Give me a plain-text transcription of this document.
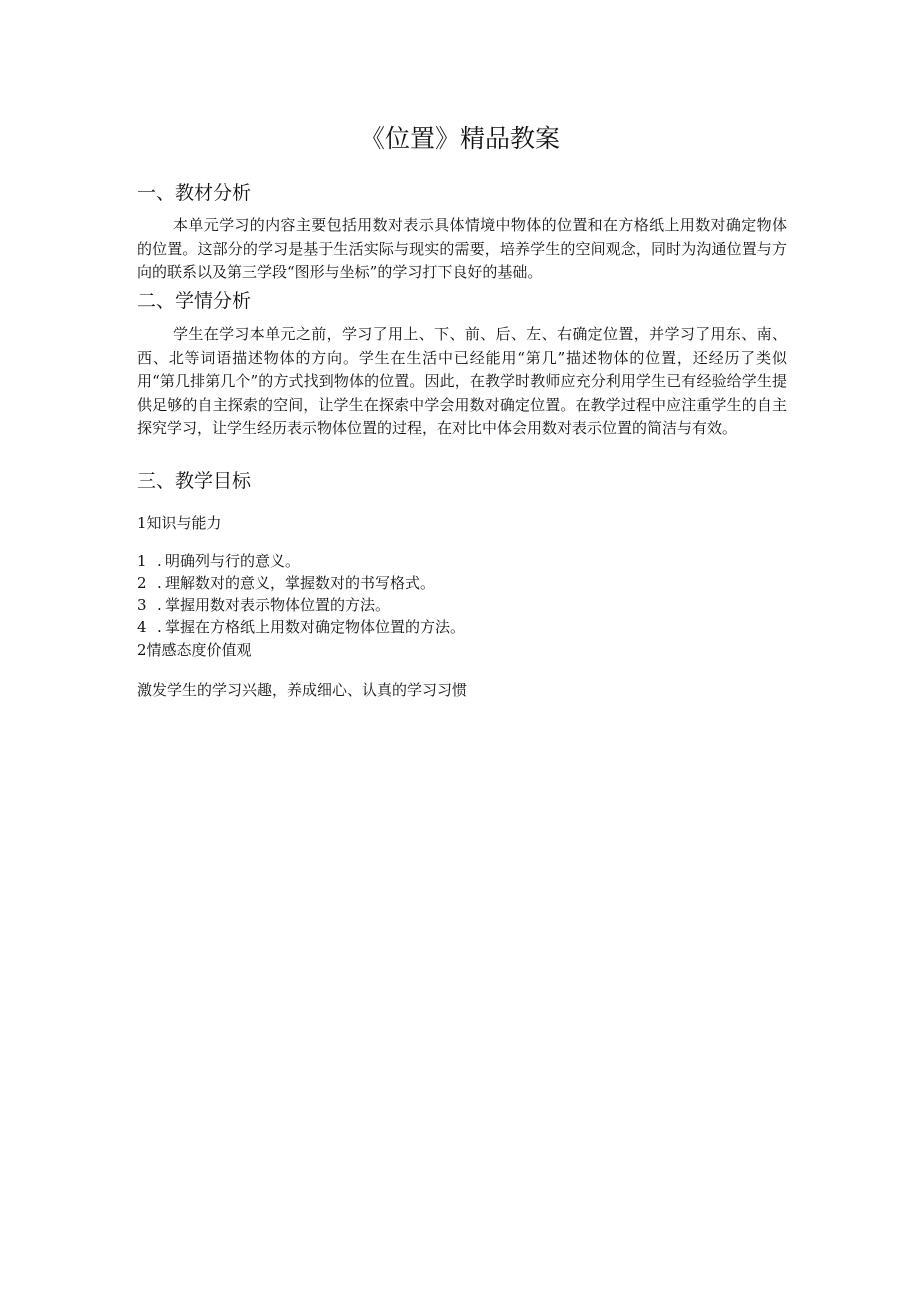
《位置》精品教案
一、教材分析

本单元学习的内容主要包括用数对表示具体情境中物体的位置和在方格纸上用数对确定物体的位置。这部分的学习是基于生活实际与现实的需要，培养学生的空间观念，同时为沟通位置与方向的联系以及第三学段“图形与坐标”的学习打下良好的基础。

二、学情分析

学生在学习本单元之前，学习了用上、下、前、后、左、右确定位置，并学习了用东、南、西、北等词语描述物体的方向。学生在生活中已经能用“第几”描述物体的位置，还经历了类似用“第几排第几个”的方式找到物体的位置。因此，在教学时教师应充分利用学生已有经验给学生提供足够的自主探索的空间，让学生在探索中学会用数对确定位置。在教学过程中应注重学生的自主探究学习，让学生经历表示物体位置的过程，在对比中体会用数对表示位置的简洁与有效。

三、教学目标

1知识与能力

1 . 明确列与行的意义。
2 . 理解数对的意义，掌握数对的书写格式。
3 . 掌握用数对表示物体位置的方法。
4 . 掌握在方格纸上用数对确定物体位置的方法。

2情感态度价值观

激发学生的学习兴趣，养成细心、认真的学习习惯
